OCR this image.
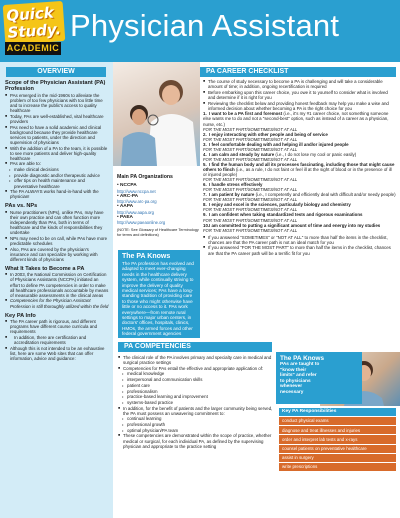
Quick Study.
ACADEMIC
Physician Assistant
OVERVIEW
Scope of the Physician Assistant (PA) Profession
■ PAs emerged in the mid-1960s to alleviate the problem of too few physicians with too little time and to increase the public's access to quality healthcare
■ Today, PAs are well-established, vital healthcare providers
■ PAs need to have a solid academic and clinical background because they provide healthcare services to patients, under the direction and supervision of physicians
■ With the addition of a PA to the team, it is possible to see more patients and deliver high-quality healthcare
■ PAs are able to:
• make clinical decisions
• provide diagnostic and/or therapeutic advice
• offer tips on health maintenance and preventative healthcare
■ The PA ALWAYS works hand-in-hand with the physician!
PAs vs. NPs
■ Nurse practitioners (NPs), unlike PAs, may have their own practice and can often function more independently than PAs, both in terms of healthcare and the kinds of responsibilities they undertake
■ NPs may need to be on call, while PAs have more predictable schedules
■ Also, PAs are covered by the physician's insurance and can specialize by working with different kinds of physicians
What It Takes to Become a PA
■ In 2003, the National Commission on Certification of Physicians Assistants (NCCPA) initiated an effort to define PA competencies in order to make all healthcare professionals accountable by means of measurable assessments in the clinical areas
■ Competencies for the Physician Assistant Profession is still thoroughly utilized within the field
Key PA Info
■ The PA career path is rigorous, and different programs have different course curricula and requirements
■ In addition, there are certification and accreditation requirements
■ Although this is not intended to be an exhaustive list, here are some Web sites that can offer information, advice and guidance:
Main PA Organizations
• NCCPA
http://www.nccpa.net
• ARC-PA
http://www.arc-pa.org
• AAPA
http://www.aapa.org
• PAEA
http://www.paeaonline.org
(NOTE: See Glossary of Healthcare Terminology for terms and definitions)
The PA Knows
The PA profession has evolved and adapted to meet ever-changing needs in the healthcare delivery system, while continually striving to improve the delivery of quality medical services; PAs have a long-standing tradition of providing care to those who might otherwise have little or no access to it. PAs work everywhere—from remote rural settings to major urban centers, in doctors' offices, hospitals, clinics, HMOs, the armed forces and other federal government agencies
PA CAREER CHECKLIST
■ The course of study necessary to become a PA is challenging and will take a considerable amount of time; in addition, ongoing recertification is required
■ Before embarking upon this career choice, you owe it to yourself to consider what is involved and determine if it is right for you
■ Reviewing the checklist below and providing honest feedback may help you make a wise and informed decision about whether becoming a PA is the right choice for you
1. I want to be a PA first and foremost (i.e., it's my #1 career choice, not something someone else wants me to do and not a "second-best" option, such as instead of a career as a physician, nurse, etc.)
FOR THE MOST PART/SOMETIMES/NOT AT ALL
2. I enjoy interacting with other people and being of service
FOR THE MOST PART/SOMETIMES/NOT AT ALL
3. I feel comfortable dealing with and helping ill and/or injured people
FOR THE MOST PART/SOMETIMES/NOT AT ALL
4. I am calm and steady by nature (i.e., I do not lose my cool or panic easily)
FOR THE MOST PART/SOMETIMES/NOT AT ALL
5. I find the human body and all its processes fascinating, including those that might cause others to flinch (i.e., as a rule, I do not faint or feel ill at the sight of blood or in the presence of ill or injured people)
FOR THE MOST PART/SOMETIMES/NOT AT ALL
6. I handle stress effectively
FOR THE MOST PART/SOMETIMES/NOT AT ALL
7. I am patient by nature (i.e., I competently and efficiently deal with difficult and/or needy people)
FOR THE MOST PART/SOMETIMES/NOT AT ALL
8. I enjoy and excel in the sciences, particularly biology and chemistry
FOR THE MOST PART/SOMETIMES/NOT AT ALL
9. I am confident when taking standardized tests and rigorous examinations
FOR THE MOST PART/SOMETIMES/NOT AT ALL
10.I am committed to putting a significant amount of time and energy into my studies
FOR THE MOST PART/SOMETIMES/NOT AT ALL
■ If you answered "SOMETIMES" or "NOT AT ALL" to more than half the items in the checklist, chances are that the PA career path is not an ideal match for you
■ If you answered "FOR THE MOST PART" to more than half the items in the checklist, chances are that the PA career path will be a terrific fit for you
PA COMPETENCIES
■ The clinical role of the PA involves primary and specialty care in medical and surgical practice settings
■ Competencies for PAs entail the effective and appropriate application of:
• medical knowledge
• interpersonal and communication skills
• patient care
• professionalism
• practice-based learning and improvement
• systems-based practice
■ In addition, for the benefit of patients and the larger community being served, the PA must possess an unwavering commitment to:
• continual learning
• professional growth
• optimal physician/PA team
■ These competencies are demonstrated within the scope of practice, whether medical or surgical, for each individual PA, as defined by the supervising physician and appropriate to the practice setting
The PA Knows
PAs are taught to "know their limits" and refer to physicians whenever necessary
Key PA Responsibilities
conduct physical exams
diagnose and treat illnesses and injuries
order and interpret lab tests and x-rays
counsel patients on preventative healthcare
assist in surgery
write prescriptions
